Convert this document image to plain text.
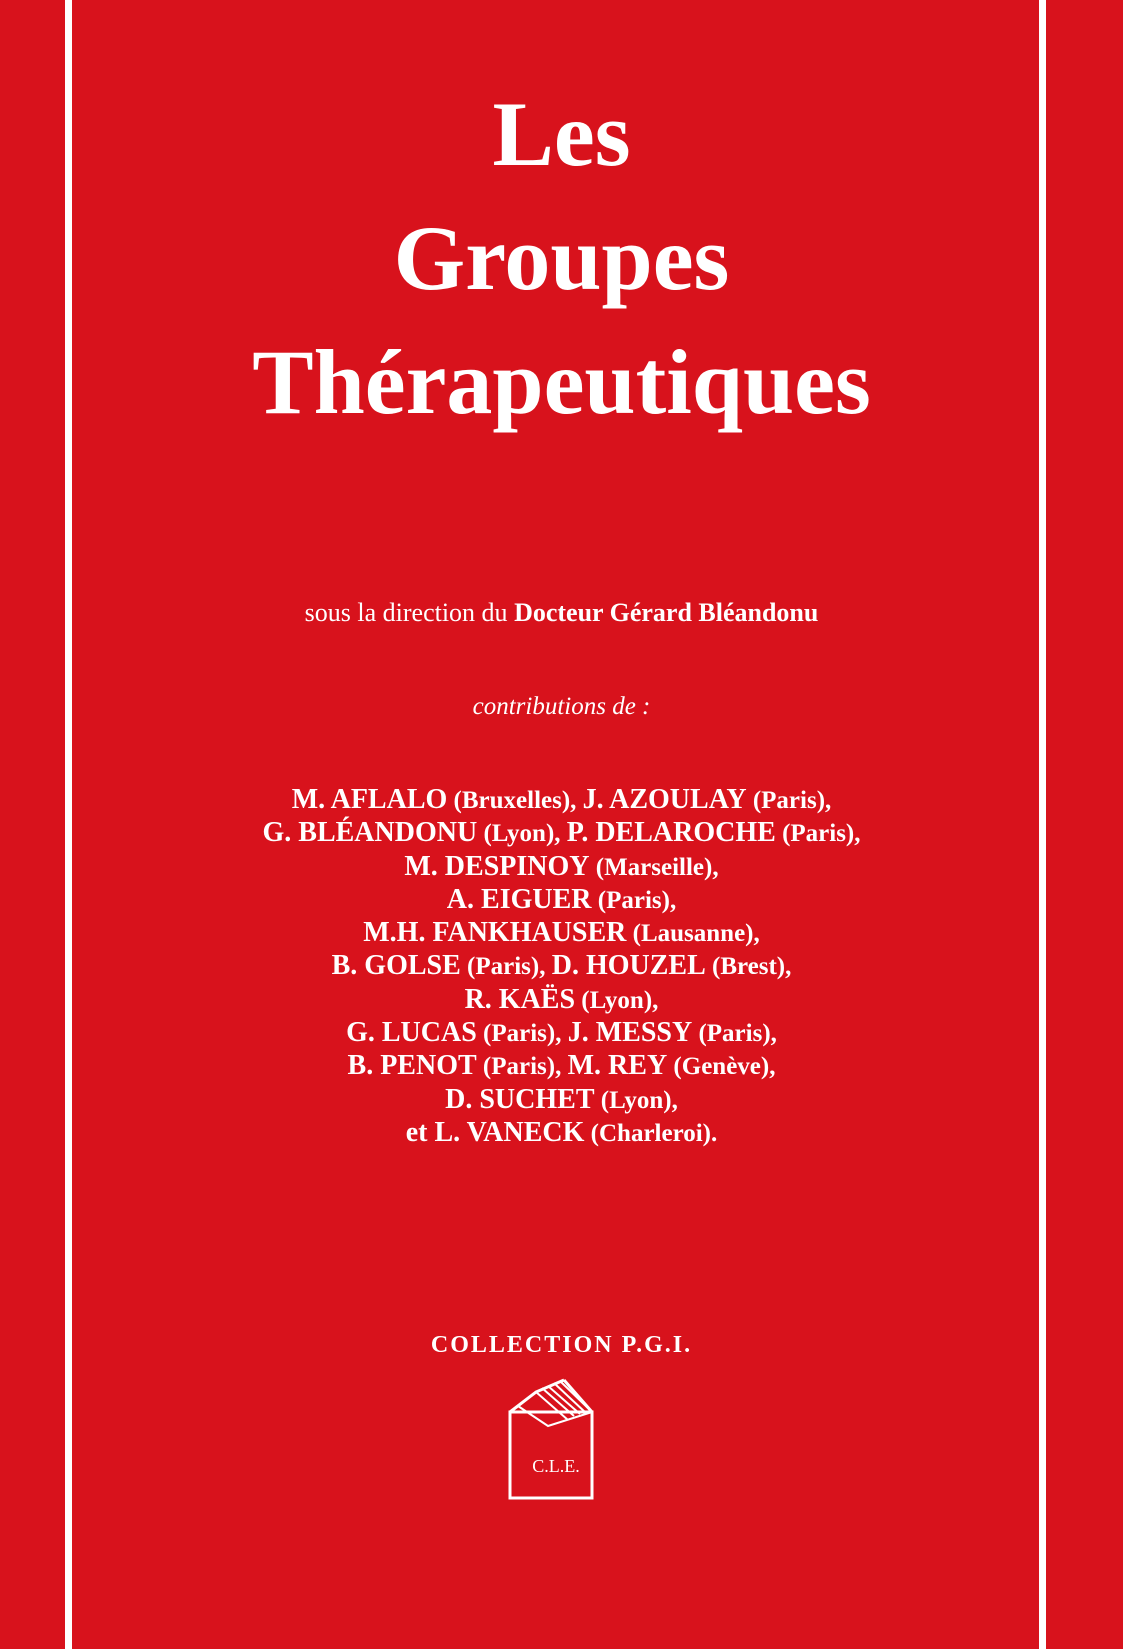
Les
Groupes
Thérapeutiques
sous la direction du Docteur Gérard Bléandonu
contributions de :
M. AFLALO (Bruxelles), J. AZOULAY (Paris),
G. BLÉANDONU (Lyon), P. DELAROCHE (Paris),
M. DESPINOY (Marseille),
A. EIGUER (Paris),
M.H. FANKHAUSER (Lausanne),
B. GOLSE (Paris), D. HOUZEL (Brest),
R. KAËS (Lyon),
G. LUCAS (Paris), J. MESSY (Paris),
B. PENOT (Paris), M. REY (Genève),
D. SUCHET (Lyon),
et L. VANECK (Charleroi).
COLLECTION P.G.I.
C.L.E.
